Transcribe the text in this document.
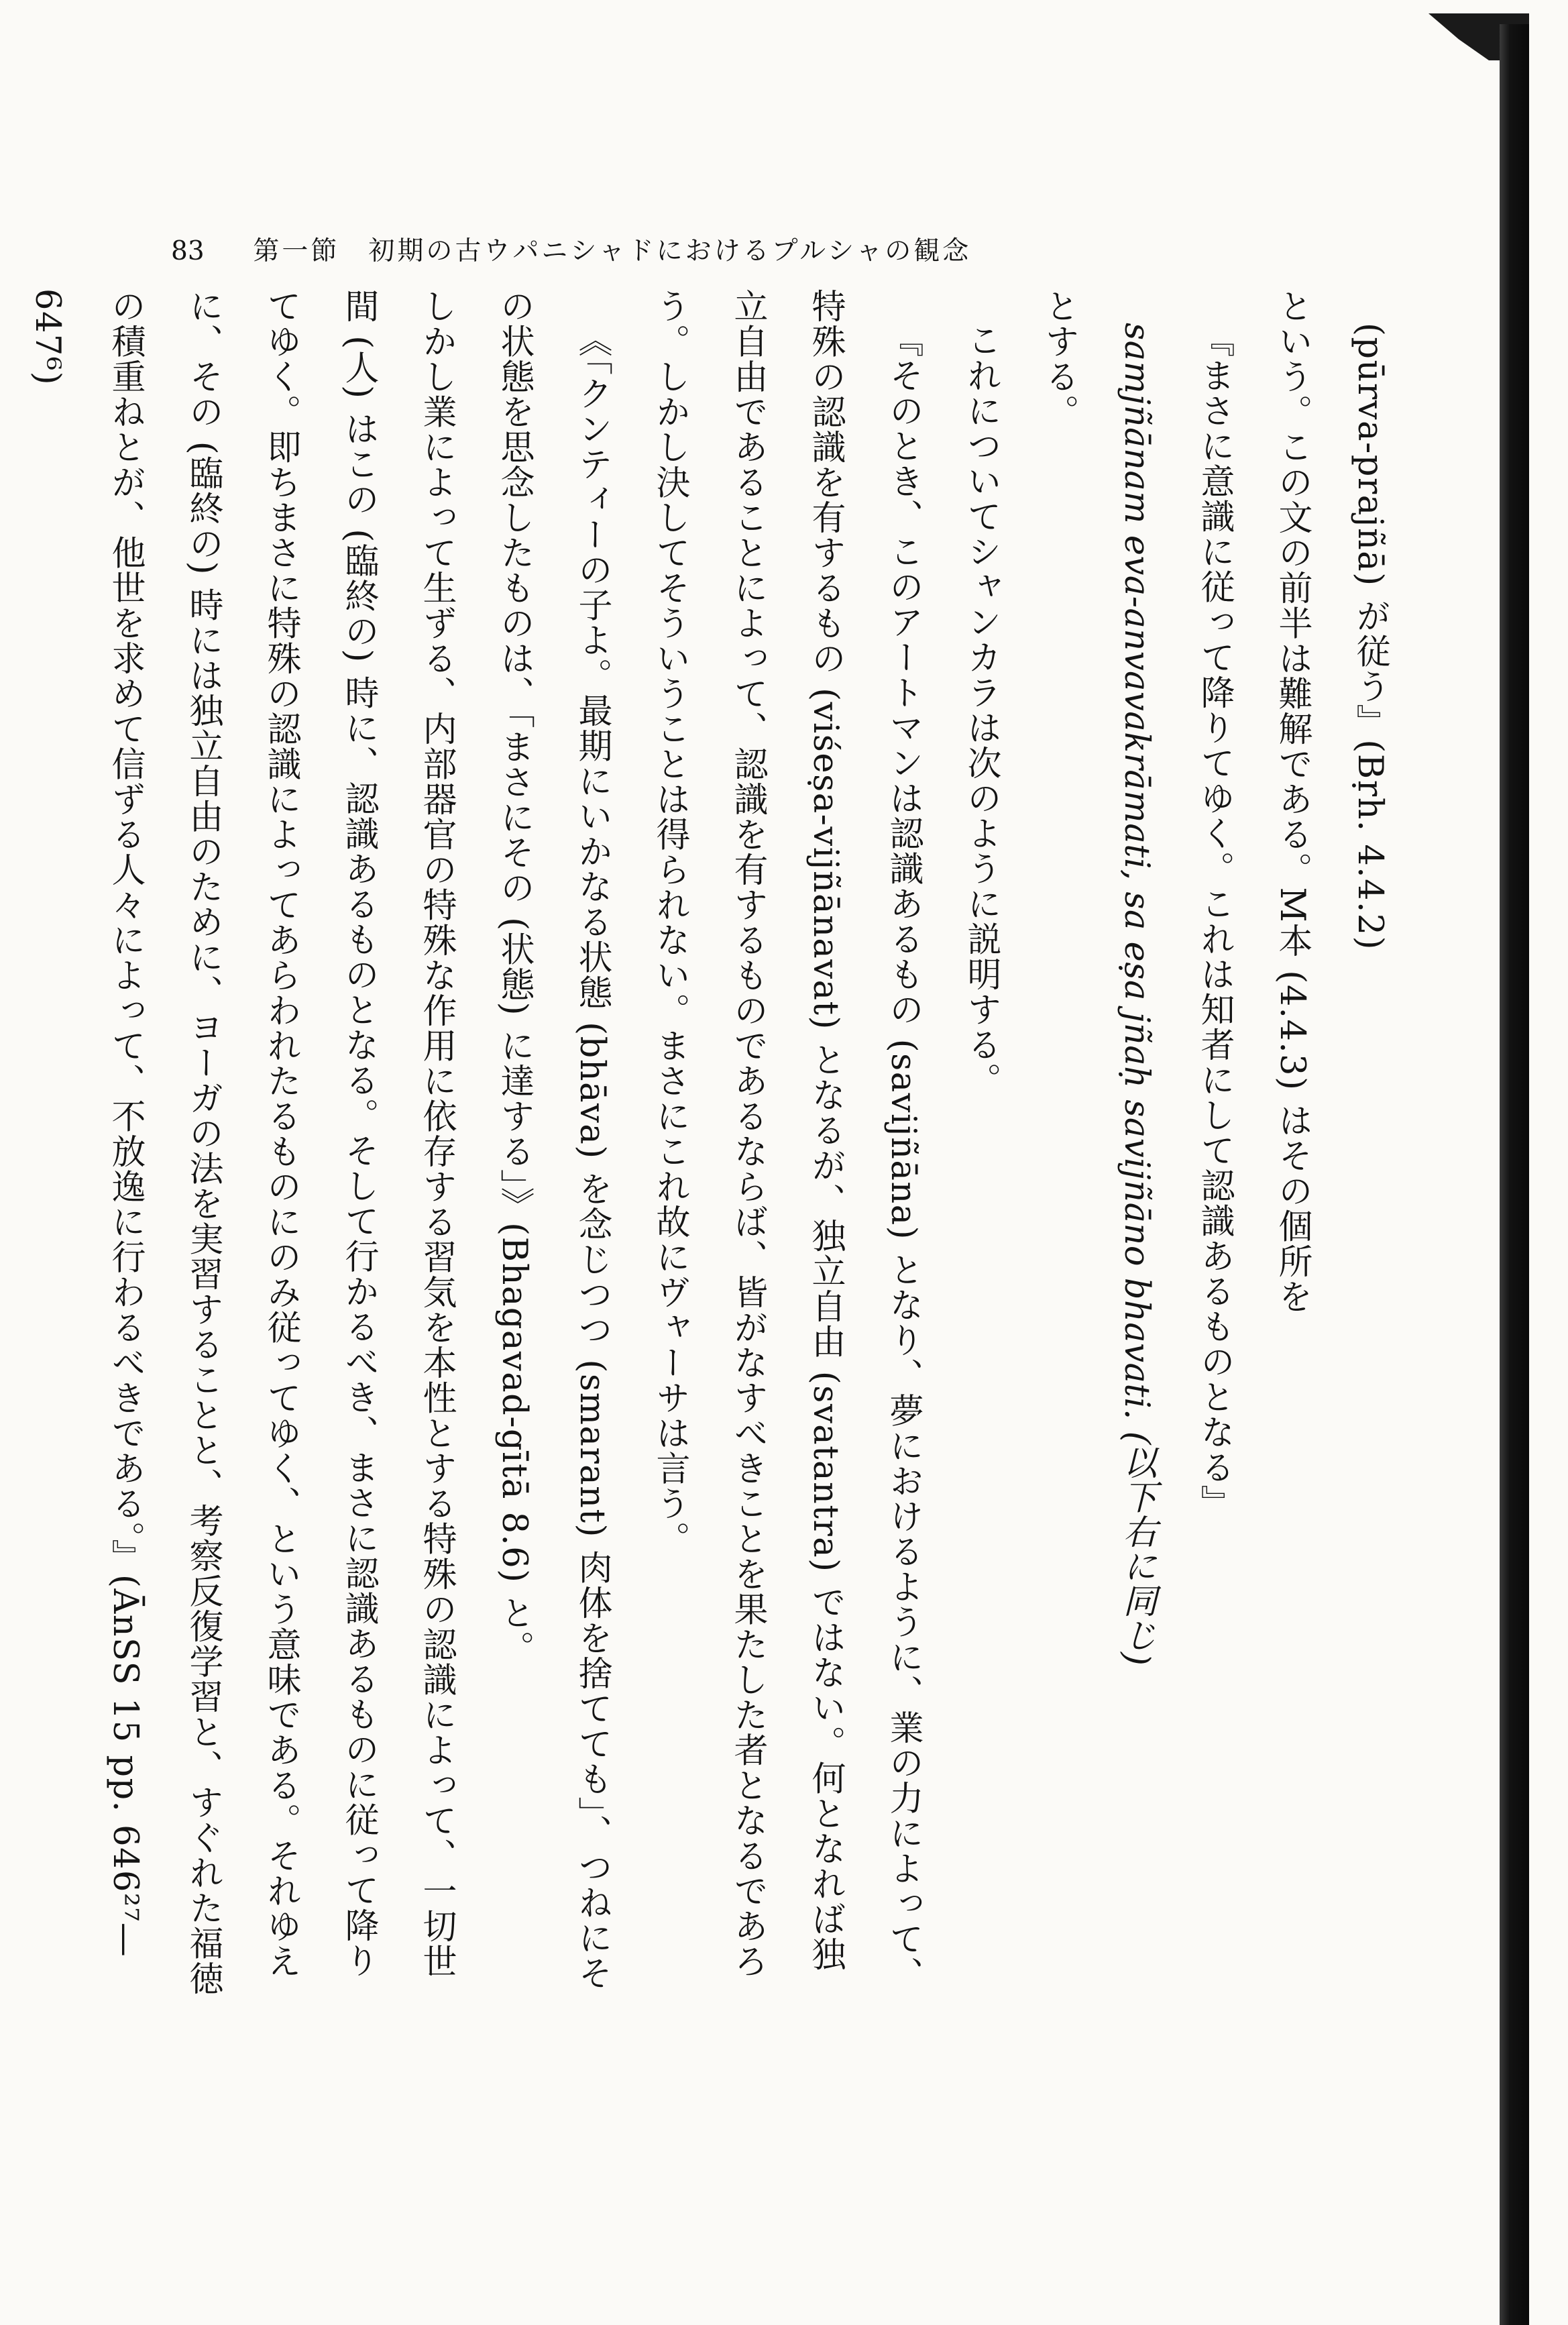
83 第一節　初期の古ウパニシャドにおけるプルシャの観念

(pūrva-prajñā) が従う』(Bṛh. 4.4.2)

という。この文の前半は難解である。M本 (4.4.3) はその個所を

『まさに意識に従って降りてゆく。これは知者にして認識あるものとなる』

samjñānam eva-anvavakrāmati, sa eṣa jñaḥ savijñāno bhavati. (以下右に同じ)

とする。

これについてシャンカラは次のように説明する。

『そのとき、このアートマンは認識あるもの (savijñāna) となり、夢におけるように、業の力によって、特殊の認識を有するもの (viśeṣa-vijñānavat) となるが、独立自由 (svatantra) ではない。何となれば独立自由であることによって、認識を有するものであるならば、皆がなすべきことを果たした者となるであろう。しかし決してそういうことは得られない。まさにこれ故にヴャーサは言う。

《「クンティーの子よ。最期にいかなる状態 (bhāva) を念じつつ (smarant) 肉体を捨てても」、つねにその状態を思念したものは、「まさにその (状態) に達する」》(Bhagavad-gītā 8.6) と。

しかし業によって生ずる、内部器官の特殊な作用に依存する習気を本性とする特殊の認識によって、一切世間 (人) はこの (臨終の) 時に、認識あるものとなる。そして行かるべき、まさに認識あるものに従って降りてゆく。即ちまさに特殊の認識によってあらわれたるものにのみ従ってゆく、という意味である。それゆえに、その (臨終の) 時には独立自由のために、ヨーガの法を実習することと、考察反復学習と、すぐれた福徳の積重ねとが、他世を求めて信ずる人々によって、不放逸に行わるべきである。』(ĀnSS 15 pp. 646²⁷—647⁶)
